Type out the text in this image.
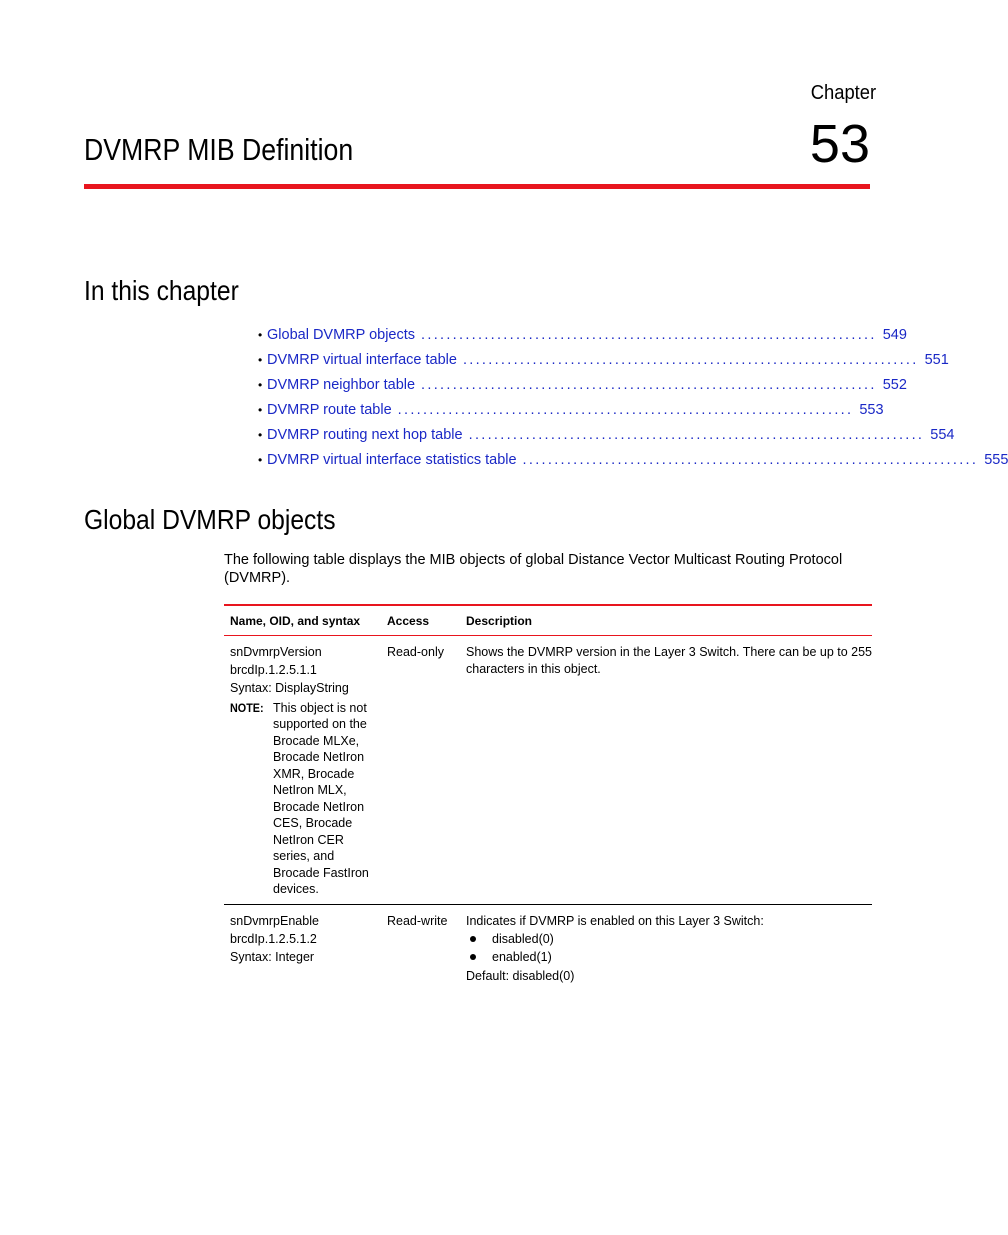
Chapter
53
DVMRP MIB Definition
In this chapter
• Global DVMRP objects ........................................................................ 549
• DVMRP virtual interface table ........................................................................ 551
• DVMRP neighbor table ........................................................................ 552
• DVMRP route table ........................................................................ 553
• DVMRP routing next hop table ........................................................................ 554
• DVMRP virtual interface statistics table ........................................................................ 555
Global DVMRP objects

The following table displays the MIB objects of global Distance Vector Multicast Routing Protocol (DVMRP).

Name, OID, and syntax	Access	Description
snDvmrpVersion
brcdIp.1.2.5.1.1
Syntax: DisplayString
NOTE: This object is not supported on the Brocade MLXe, Brocade NetIron XMR, Brocade NetIron MLX, Brocade NetIron CES, Brocade NetIron CER series, and Brocade FastIron devices.
Read-only	Shows the DVMRP version in the Layer 3 Switch. There can be up to 255 characters in this object.
snDvmrpEnable
brcdIp.1.2.5.1.2
Syntax: Integer
Read-write	Indicates if DVMRP is enabled on this Layer 3 Switch:
disabled(0)
enabled(1)
Default: disabled(0)
